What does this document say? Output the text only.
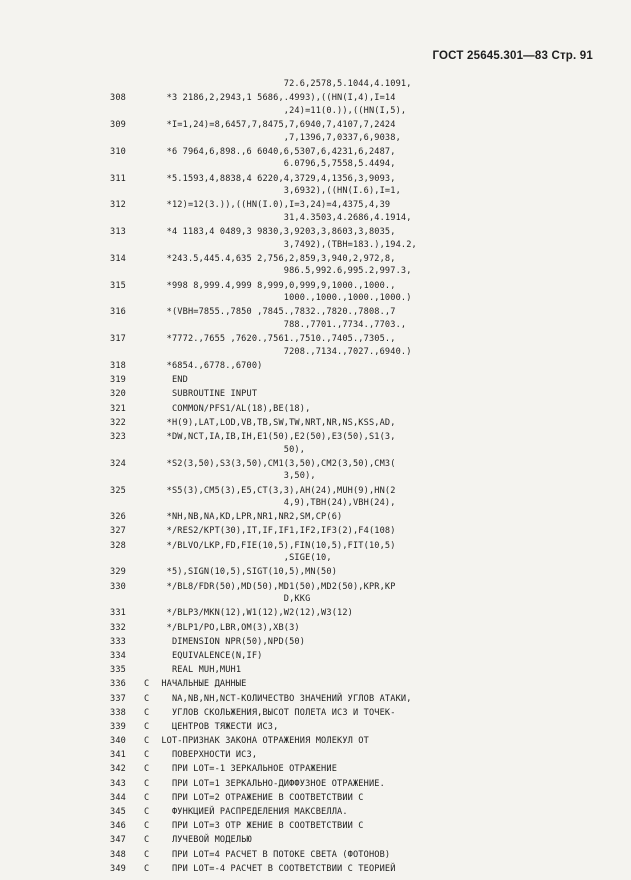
ГОСТ 25645.301—83 Стр. 91
72.6,2578,5.1044,4.1091,
308	*3 2186,2,2943,1 5686,.4993),((HN(I,4),I=14
,24)=11(0.)),((HN(I,5),
309	*I=1,24)=8,6457,7,8475,7,6940,7,4107,7,2424
,7,1396,7,0337,6,9038,
310	*6 7964,6,898.,6 6040,6,5307,6,4231,6,2487,
6.0796,5,7558,5.4494,
311	*5.1593,4,8838,4 6220,4,3729,4,1356,3,9093,
3,6932),((HN(I.6),I=1,
312	*12)=12(3.)),((HN(I.0),I=3,24)=4,4375,4,39
31,4.3503,4.2686,4.1914,
313	*4 1183,4 0489,3 9830,3,9203,3,8603,3,8035,
3,7492),(TBH=183.),194.2,
314	*243.5,445.4,635 2,756,2,859,3,940,2,972,8,
986.5,992.6,995.2,997.3,
315	*998 8,999.4,999 8,999,0,999,9,1000.,1000.,
1000.,1000.,1000.,1000.)
316	*(VBH=7855.,7850 ,7845.,7832.,7820.,7808.,7
788.,7701.,7734.,7703.,
317	*7772.,7655 ,7620.,7561.,7510.,7405.,7305.,
7208.,7134.,7027.,6940.)
318	*6854.,6778.,6700)
319	END
320	SUBROUTINE INPUT
321	COMMON/PFS1/AL(18),BE(18),
322	*H(9),LAT,LOD,VB,TB,SW,TW,NRT,NR,NS,KSS,AD,
323	*DW,NCT,IA,IB,IH,E1(50),E2(50),E3(50),S1(3,
50),
324	*S2(3,50),S3(3,50),CM1(3,50),CM2(3,50),CM3(
3,50),
325	*S5(3),CM5(3),E5,CT(3,3),AH(24),MUH(9),HN(2
4,9),TBH(24),VBH(24),
326	*NH,NB,NA,KD,LPR,NR1,NR2,SM,CP(6)
327	*/RES2/KPT(30),IT,IF,IF1,IF2,IF3(2),F4(108)
328	*/BLVO/LKP,FD,FIE(10,5),FIN(10,5),FIT(10,5)
,SIGE(10,
329	*5),SIGN(10,5),SIGT(10,5),MN(50)
330	*/BL8/FDR(50),MD(50),MD1(50),MD2(50),KPR,KP
D,KKG
331	*/BLP3/MKN(12),W1(12),W2(12),W3(12)
332	*/BLP1/PO,LBR,OM(3),XB(3)
333	DIMENSION NPR(50),NPD(50)
334	EQUIVALENCE(N,IF)
335	REAL MUH,MUH1
336	C НАЧАЛЬНЫЕ ДАННЫЕ
337	C NA,NB,NH,NCT-КОЛИЧЕСТВО ЗНАЧЕНИЙ УГЛОВ АТАКИ,
338	C УГЛОВ СКОЛЬЖЕНИЯ,ВЫСОТ ПОЛЕТА ИСЗ И ТОЧЕК-
339	C ЦЕНТРОВ ТЯЖЕСТИ ИСЗ,
340	C LOT-ПРИЗНАК ЗАКОНА ОТРАЖЕНИЯ МОЛЕКУЛ ОТ
341	C ПОВЕРХНОСТИ ИСЗ,
342	C ПРИ LOT=-1 ЗЕРКАЛЬНОЕ ОТРАЖЕНИЕ
343	C ПРИ LOT=1 ЗЕРКАЛЬНО-ДИФФУЗНОЕ ОТРАЖЕНИЕ.
344	C ПРИ LOT=2 ОТРАЖЕНИЕ В СООТВЕТСТВИИ С
345	C ФУНКЦИЕЙ РАСПРЕДЕЛЕНИЯ МАКСВЕЛЛА.
346	C ПРИ LOT=3 ОТР ЖЕНИЕ В СООТВЕТСТВИИ С
347	C ЛУЧЕВОЙ МОДЕЛЬЮ
348	C ПРИ LOT=4 РАСЧЕТ В ПОТОКЕ СВЕТА (ФОТОНОВ)
349	C ПРИ LOT=-4 РАСЧЕТ В СООТВЕТСТВИИ С ТЕОРИЕЙ
